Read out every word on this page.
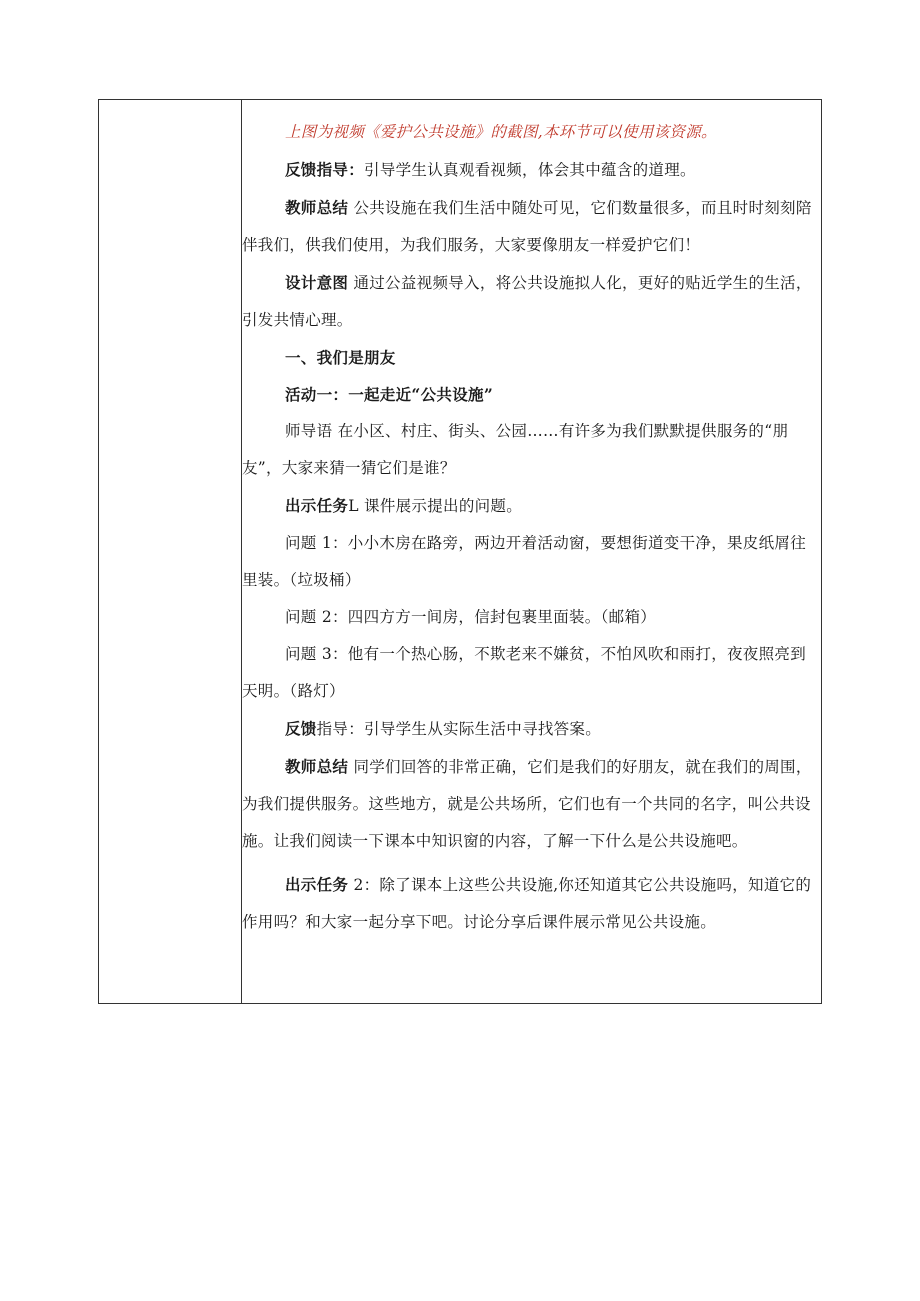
上图为视频《爱护公共设施》的截图,本环节可以使用该资源。

反馈指导：引导学生认真观看视频，体会其中蕴含的道理。

教师总结 公共设施在我们生活中随处可见，它们数量很多，而且时时刻刻陪伴我们，供我们使用，为我们服务，大家要像朋友一样爱护它们！

设计意图 通过公益视频导入，将公共设施拟人化，更好的贴近学生的生活，引发共情心理。

一、我们是朋友

活动一：一起走近“公共设施”

师导语 在小区、村庄、街头、公园……有许多为我们默默提供服务的“朋友”，大家来猜一猜它们是谁？

出示任务L 课件展示提出的问题。

问题 1：小小木房在路旁，两边开着活动窗，要想街道变干净，果皮纸屑往里装。（垃圾桶）

问题 2：四四方方一间房，信封包裹里面装。（邮箱）

问题 3：他有一个热心肠，不欺老来不嫌贫，不怕风吹和雨打，夜夜照亮到天明。（路灯）

反馈指导：引导学生从实际生活中寻找答案。

教师总结 同学们回答的非常正确，它们是我们的好朋友，就在我们的周围，为我们提供服务。这些地方，就是公共场所，它们也有一个共同的名字，叫公共设施。让我们阅读一下课本中知识窗的内容，了解一下什么是公共设施吧。

出示任务 2：除了课本上这些公共设施,你还知道其它公共设施吗，知道它的作用吗？和大家一起分享下吧。讨论分享后课件展示常见公共设施。
